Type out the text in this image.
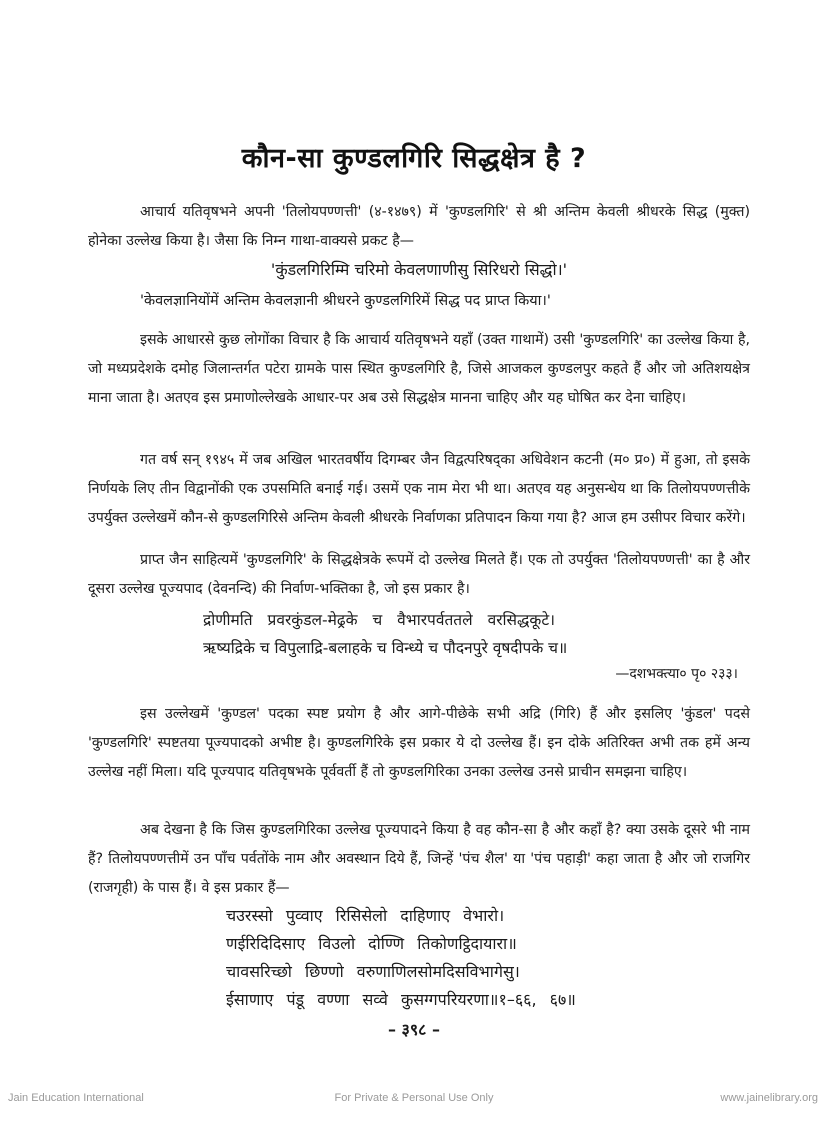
कौन-सा कुण्डलगिरि सिद्धक्षेत्र है ?
आचार्य यतिवृषभने अपनी 'तिलोयपण्णत्ती' (४-१४७९) में 'कुण्डलगिरि' से श्री अन्तिम केवली श्रीधरके सिद्ध (मुक्त) होनेका उल्लेख किया है। जैसा कि निम्न गाथा-वाक्यसे प्रकट है—
'कुंडलगिरिम्मि चरिमो केवलणाणीसु सिरिधरो सिद्धो।'
'केवलज्ञानियोंमें अन्तिम केवलज्ञानी श्रीधरने कुण्डलगिरिमें सिद्ध पद प्राप्त किया।'
इसके आधारसे कुछ लोगोंका विचार है कि आचार्य यतिवृषभने यहाँ (उक्त गाथामें) उसी 'कुण्डलगिरि' का उल्लेख किया है, जो मध्यप्रदेशके दमोह जिलान्तर्गत पटेरा ग्रामके पास स्थित कुण्डलगिरि है, जिसे आजकल कुण्डलपुर कहते हैं और जो अतिशयक्षेत्र माना जाता है। अतएव इस प्रमाणोल्लेखके आधार-पर अब उसे सिद्धक्षेत्र मानना चाहिए और यह घोषित कर देना चाहिए।
गत वर्ष सन् १९४५ में जब अखिल भारतवर्षीय दिगम्बर जैन विद्वत्परिषद्का अधिवेशन कटनी (म० प्र०) में हुआ, तो इसके निर्णयके लिए तीन विद्वानोंकी एक उपसमिति बनाई गई। उसमें एक नाम मेरा भी था। अतएव यह अनुसन्धेय था कि तिलोयपण्णत्तीके उपर्युक्त उल्लेखमें कौन-से कुण्डलगिरिसे अन्तिम केवली श्रीधरके निर्वाणका प्रतिपादन किया गया है? आज हम उसीपर विचार करेंगे।
प्राप्त जैन साहित्यमें 'कुण्डलगिरि' के सिद्धक्षेत्रके रूपमें दो उल्लेख मिलते हैं। एक तो उपर्युक्त 'तिलोयपण्णत्ती' का है और दूसरा उल्लेख पूज्यपाद (देवनन्दि) की निर्वाण-भक्तिका है, जो इस प्रकार है।
द्रोणीमति प्रवरकुंडल-मेढ्रके च वैभारपर्वततले वरसिद्धकूटे।
ऋष्यद्रिके च विपुलाद्रि-बलाहके च विन्ध्ये च पौदनपुरे वृषदीपके च॥
—दशभक्त्या० पृ० २३३।
इस उल्लेखमें 'कुण्डल' पदका स्पष्ट प्रयोग है और आगे-पीछेके सभी अद्रि (गिरि) हैं और इसलिए 'कुंडल' पदसे 'कुण्डलगिरि' स्पष्टतया पूज्यपादको अभीष्ट है। कुण्डलगिरिके इस प्रकार ये दो उल्लेख हैं। इन दोके अतिरिक्त अभी तक हमें अन्य उल्लेख नहीं मिला। यदि पूज्यपाद यतिवृषभके पूर्ववर्ती हैं तो कुण्डलगिरिका उनका उल्लेख उनसे प्राचीन समझना चाहिए।
अब देखना है कि जिस कुण्डलगिरिका उल्लेख पूज्यपादने किया है वह कौन-सा है और कहाँ है? क्या उसके दूसरे भी नाम हैं? तिलोयपण्णत्तीमें उन पाँच पर्वतोंके नाम और अवस्थान दिये हैं, जिन्हें 'पंच शैल' या 'पंच पहाड़ी' कहा जाता है और जो राजगिर (राजगृही) के पास हैं। वे इस प्रकार हैं—
चउरस्सो पुव्वाए रिसिसेलो दाहिणाए वेभारो।
णईरिदिदिसाए विउलो दोण्णि तिकोणट्ठिदायारा॥
चावसरिच्छो छिण्णो वरुणाणिलसोमदिसविभागेसु।
ईसाणाए पंडू वण्णा सव्वे कुसग्गपरियरणा॥१–६६, ६७॥
– ३९८ –
Jain Education International	For Private & Personal Use Only	www.jainelibrary.org
